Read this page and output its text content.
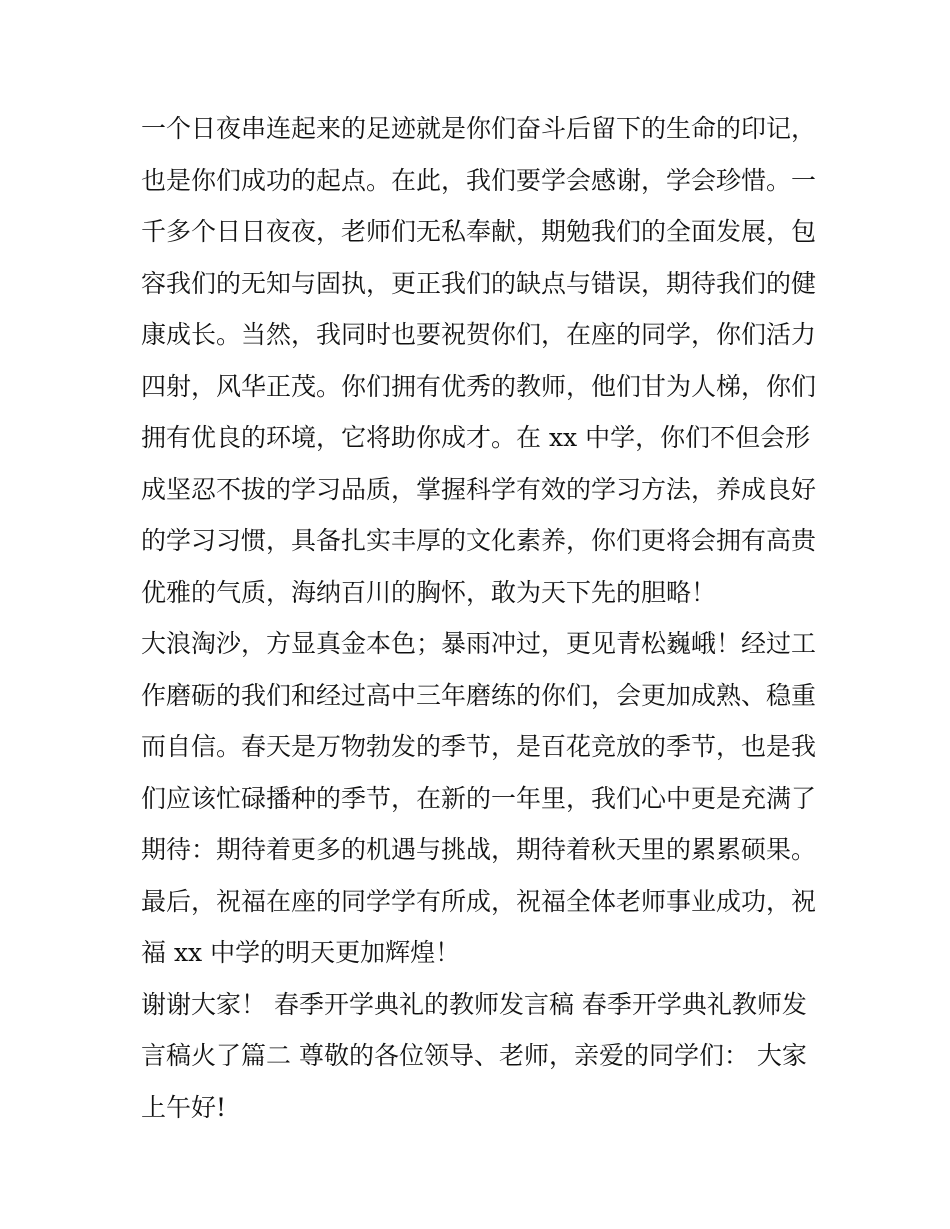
一个日夜串连起来的足迹就是你们奋斗后留下的生命的印记，
也是你们成功的起点。在此，我们要学会感谢，学会珍惜。一
千多个日日夜夜，老师们无私奉献，期勉我们的全面发展，包
容我们的无知与固执，更正我们的缺点与错误，期待我们的健
康成长。当然，我同时也要祝贺你们，在座的同学，你们活力
四射，风华正茂。你们拥有优秀的教师，他们甘为人梯，你们
拥有优良的环境，它将助你成才。在 xx 中学，你们不但会形
成坚忍不拔的学习品质，掌握科学有效的学习方法，养成良好
的学习习惯，具备扎实丰厚的文化素养，你们更将会拥有高贵
优雅的气质，海纳百川的胸怀，敢为天下先的胆略！
大浪淘沙，方显真金本色；暴雨冲过，更见青松巍峨！经过工
作磨砺的我们和经过高中三年磨练的你们，会更加成熟、稳重
而自信。春天是万物勃发的季节，是百花竞放的季节，也是我
们应该忙碌播种的季节，在新的一年里，我们心中更是充满了
期待：期待着更多的机遇与挑战，期待着秋天里的累累硕果。
最后，祝福在座的同学学有所成，祝福全体老师事业成功，祝
福 xx 中学的明天更加辉煌！
谢谢大家！ 春季开学典礼的教师发言稿 春季开学典礼教师发
言稿火了篇二 尊敬的各位领导、老师，亲爱的同学们： 大家
上午好!
